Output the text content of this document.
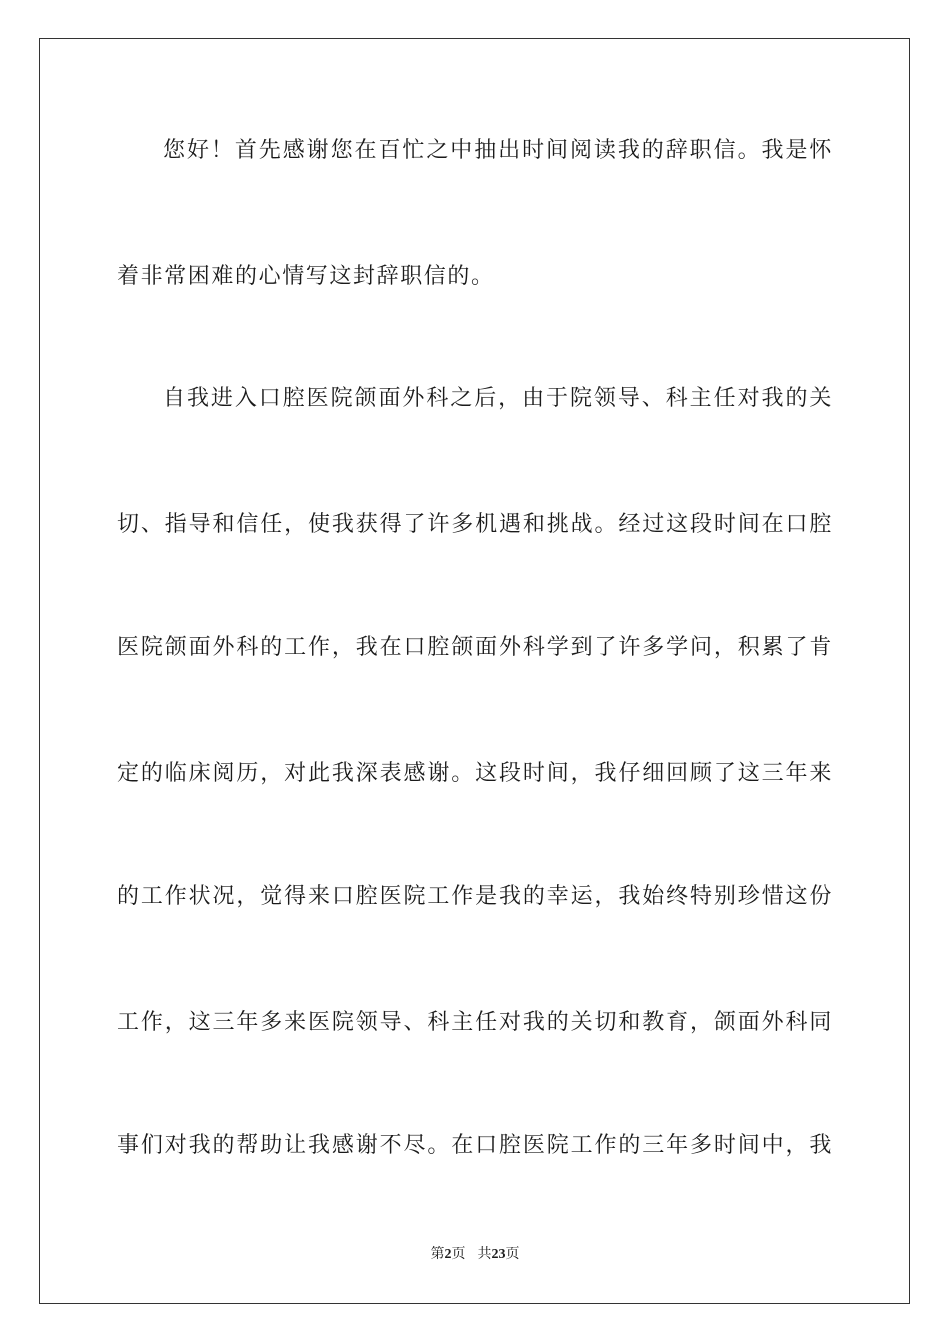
您好！首先感谢您在百忙之中抽出时间阅读我的辞职信。我是怀
着非常困难的心情写这封辞职信的。
自我进入口腔医院颌面外科之后，由于院领导、科主任对我的关
切、指导和信任，使我获得了许多机遇和挑战。经过这段时间在口腔
医院颌面外科的工作，我在口腔颌面外科学到了许多学问，积累了肯
定的临床阅历，对此我深表感谢。这段时间，我仔细回顾了这三年来
的工作状况，觉得来口腔医院工作是我的幸运，我始终特别珍惜这份
工作，这三年多来医院领导、科主任对我的关切和教育，颌面外科同
事们对我的帮助让我感谢不尽。在口腔医院工作的三年多时间中，我
第2页 共23页
